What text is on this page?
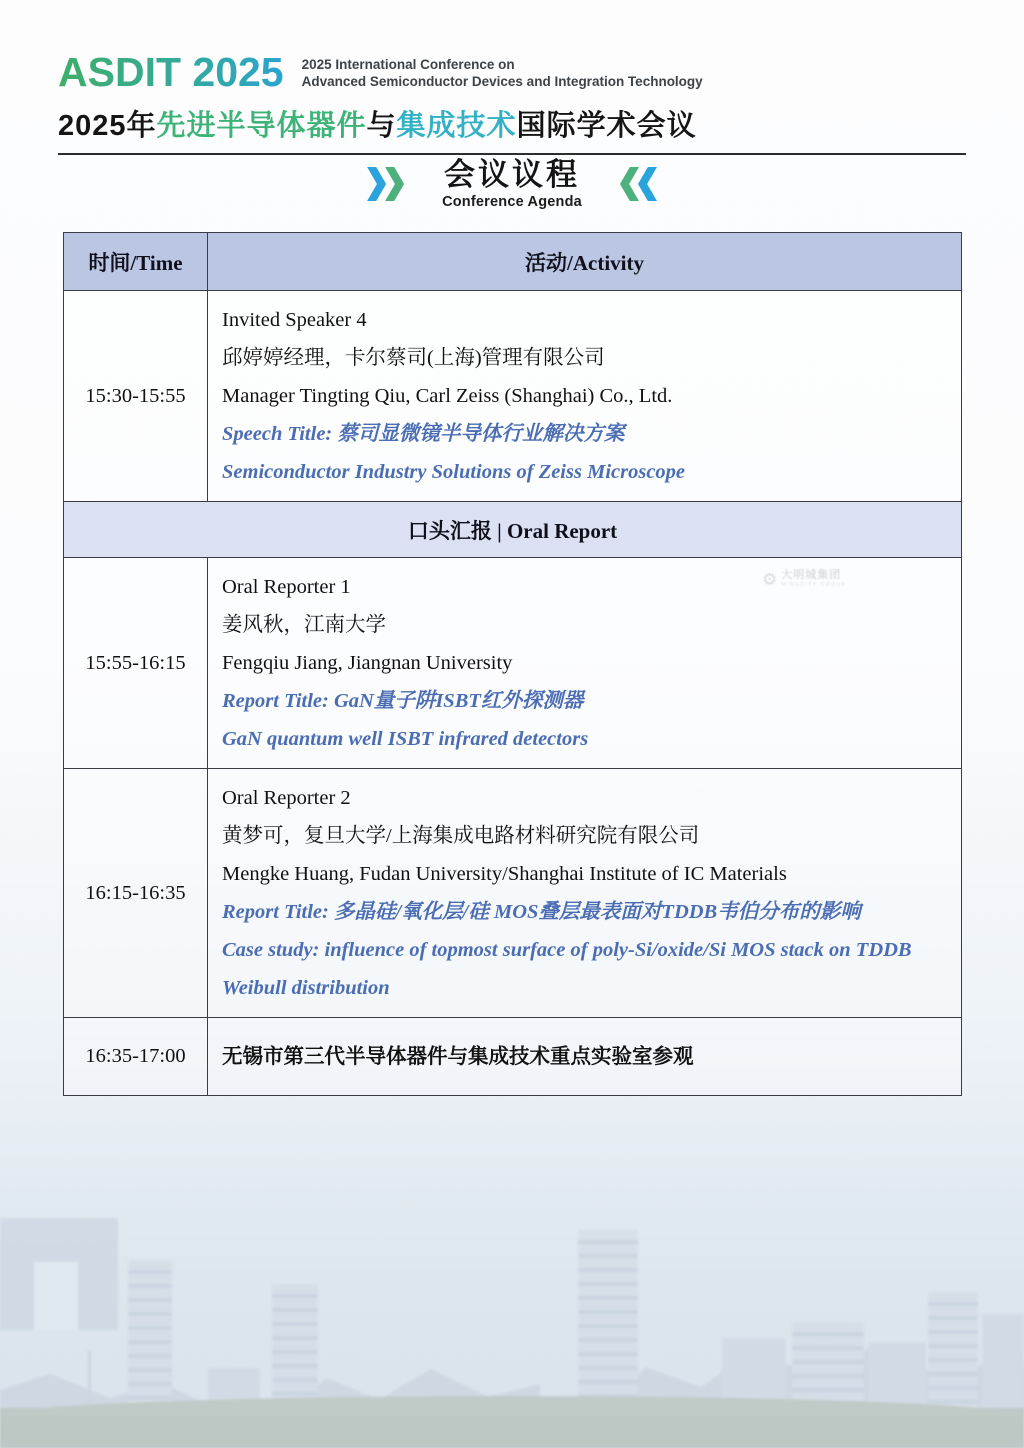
ASDIT 2025 2025 International Conference on
Advanced Semiconductor Devices and Integration Technology
2025年先进半导体器件与集成技术国际学术会议
会议议程
Conference Agenda
时间/Time	活动/Activity
15:30-15:55	Invited Speaker 4

邱婷婷经理，卡尔蔡司(上海)管理有限公司

Manager Tingting Qiu, Carl Zeiss (Shanghai) Co., Ltd.

Speech Title: 蔡司显微镜半导体行业解决方案

Semiconductor Industry Solutions of Zeiss Microscope

口头汇报 | Oral Report	
15:55-16:15	Oral Reporter 1

姜风秋，江南大学

Fengqiu Jiang, Jiangnan University

Report Title: GaN量子阱ISBT红外探测器

GaN quantum well ISBT infrared detectors

16:15-16:35	Oral Reporter 2

黄梦可，复旦大学/上海集成电路材料研究院有限公司

Mengke Huang, Fudan University/Shanghai Institute of IC Materials

Report Title: 多晶硅/氧化层/硅 MOS叠层最表面对TDDB韦伯分布的影响

Case study: influence of topmost surface of poly-Si/oxide/Si MOS stack on TDDB Weibull distribution

16:35-17:00	无锡市第三代半导体器件与集成技术重点实验室参观

⚙ 大明城集团
MINGCITY GROUP
